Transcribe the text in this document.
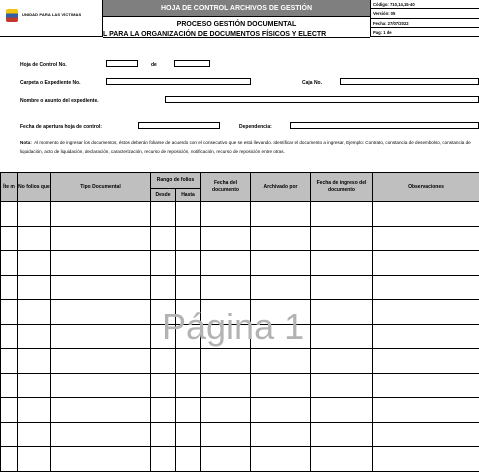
UNIDAD PARA LAS VÍCTIMAS
HOJA DE CONTROL ARCHIVOS DE GESTIÓN
PROCESO GESTIÓN DOCUMENTAL
L PARA LA ORGANIZACIÓN DE DOCUMENTOS FÍSICOS Y ELECTR
Código: 710,14,15-40
Versión: 05
Fecha: 27/07/2022
Pag: 1 de
Hoja de Control No.	de
Carpeta o Expediente No.	Caja No.
Nombre o asunto del expediente.
Fecha de apertura hoja de control:	Dependencia:
Nota: Al momento de ingresar los documentos, éstos deberán foliarse de acuerdo con el consecutivo que se está llevando. Identificar el documento a ingresar, Ejemplo: Contrato, constancia de desembolso, constancia de liquidación, acto de liquidación, declaración, caracterización, recurso de reposición, notificación, recurso de reposición entre otras.
Íte m	No folios que	Tipo Documental	Rango de folios		Fecha del documento	Archivado por	Fecha de ingreso del documento	Observaciones
			Desde	Hasta				

Página 1
